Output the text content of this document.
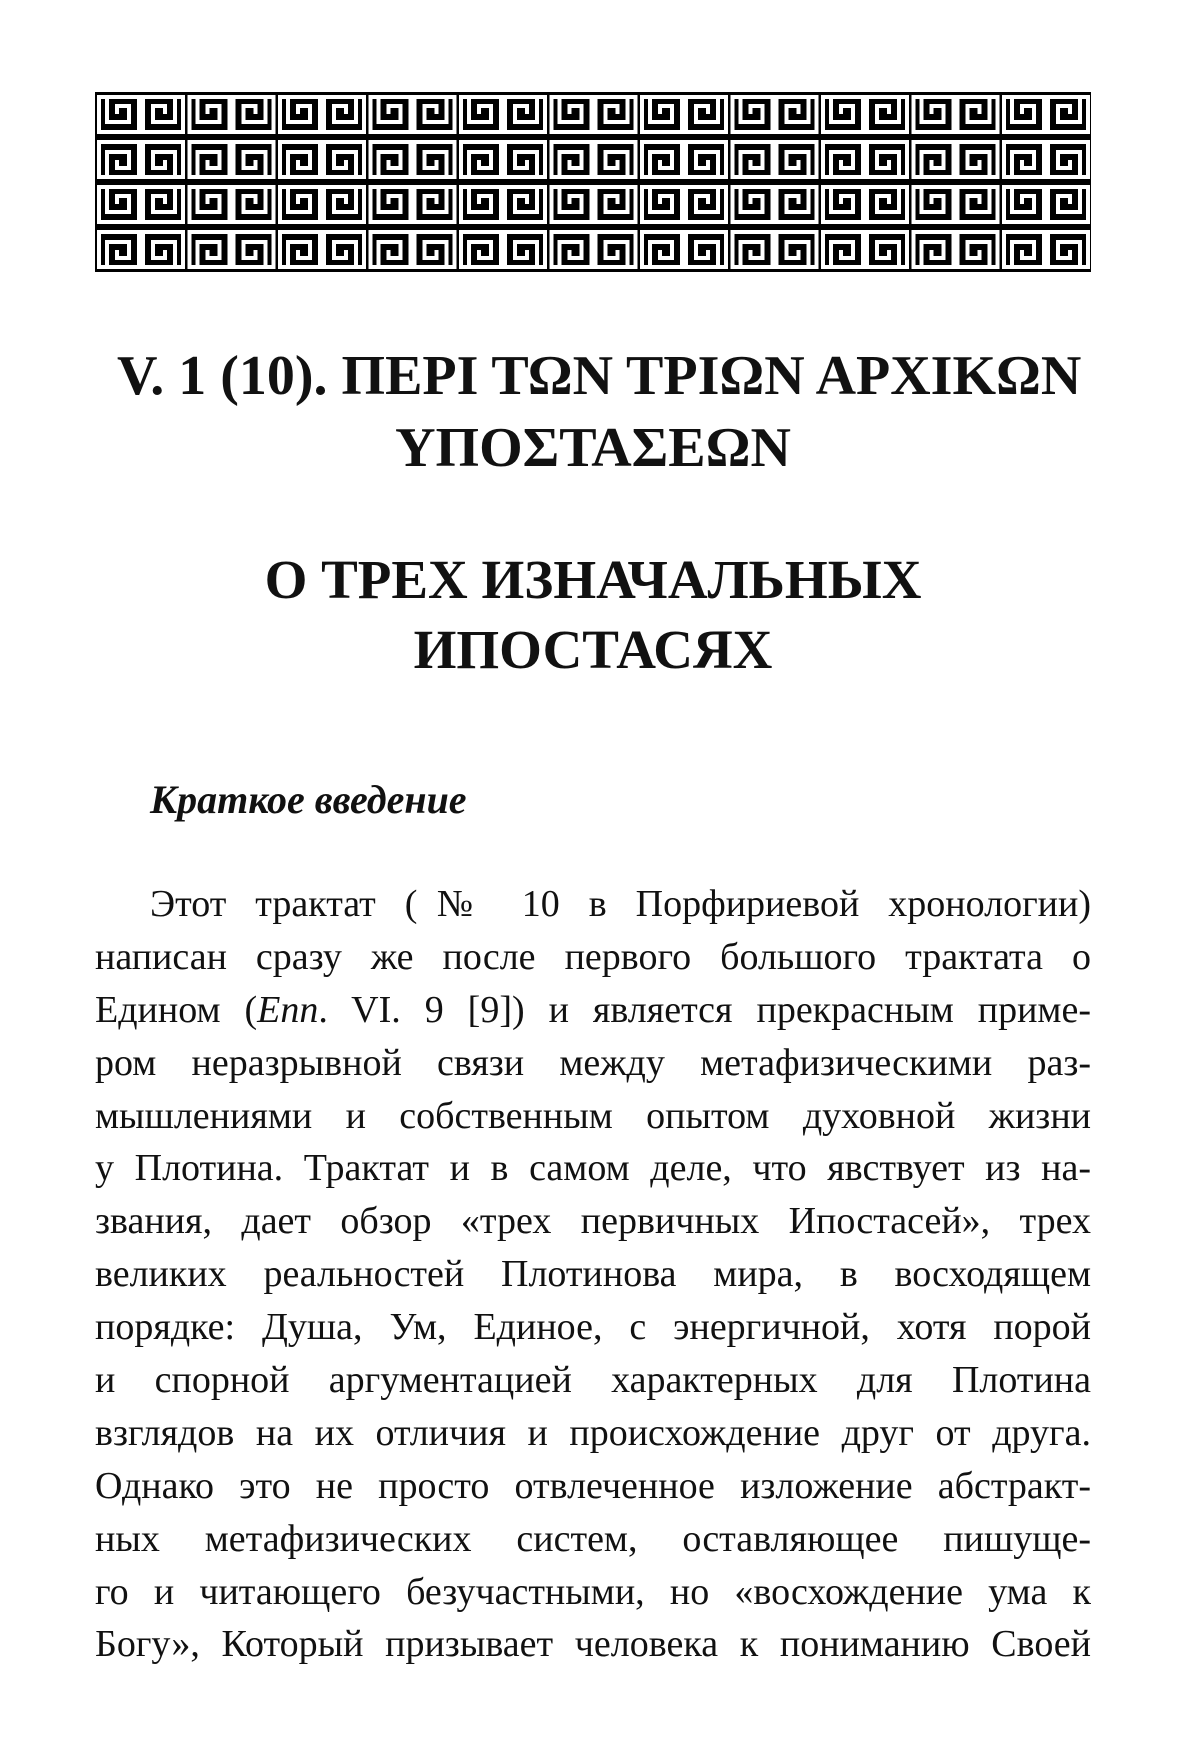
V. 1 (10). ΠΕΡΙ ΤΩΝ ΤΡΙΩΝ ΑΡΧΙΚΩΝ
ΥΠΟΣΤΑΣΕΩΝ
О ТРЕХ ИЗНАЧАЛЬНЫХ
ИПОСТАСЯХ
Краткое введение
Этот трактат (№ 10 в Порфириевой хронологии)
написан сразу же после первого большого трактата о
Едином (Enn. VI. 9 [9]) и является прекрасным приме-
ром неразрывной связи между метафизическими раз-
мышлениями и собственным опытом духовной жизни
у Плотина. Трактат и в самом деле, что явствует из на-
звания, дает обзор «трех первичных Ипостасей», трех
великих реальностей Плотинова мира, в восходящем
порядке: Душа, Ум, Единое, с энергичной, хотя порой
и спорной аргументацией характерных для Плотина
взглядов на их отличия и происхождение друг от друга.
Однако это не просто отвлеченное изложение абстракт-
ных метафизических систем, оставляющее пишуще-
го и читающего безучастными, но «восхождение ума к
Богу», Который призывает человека к пониманию Своей
